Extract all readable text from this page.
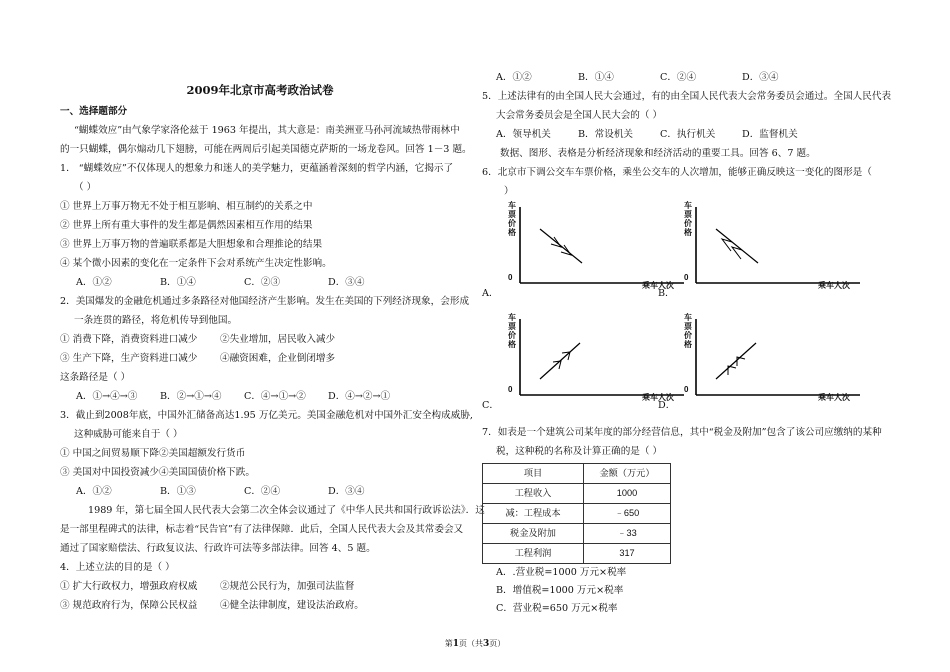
2009年北京市高考政治试卷

一、选择题部分

“蝴蝶效应”由气象学家洛伦兹于 1963 年提出，其大意是：南美洲亚马孙河流域热带雨林中

的一只蝴蝶，偶尔煽动几下翅膀，可能在两周后引起美国德克萨斯的一场龙卷风。回答 1－3 题。

1． “蝴蝶效应”不仅体现人的想象力和迷人的美学魅力，更蕴涵着深刻的哲学内涵，它揭示了

（ ）

① 世界上万事万物无不处于相互影响、相互制约的关系之中

② 世界上所有重大事件的发生都是偶然因素相互作用的结果

③ 世界上万事万物的普遍联系都是大胆想象和合理推论的结果

④ 某个微小因素的变化在一定条件下会对系统产生决定性影响。

A．①②	B．①④	C．②③	D．③④

2．美国爆发的金融危机通过多条路径对他国经济产生影响。发生在美国的下列经济现象，会形成

一条连贯的路径，将危机传导到他国。

① 消费下降，消费资料进口减少	②失业增加，居民收入减少

③ 生产下降，生产资料进口减少	④融资困难，企业倒闭增多

这条路径是（ ）

A．①→④→③	B．②→①→④	C．④→①→②	D．④→②→①

3．截止到2008年底，中国外汇储备高达1.95 万亿美元。美国金融危机对中国外汇安全构成威胁,

这种威胁可能来自于（ ）

① 中国之间贸易顺下降②美国超额发行货币

③ 美国对中国投资减少④美国国债价格下跌。

A．①②	B．①③	C．②④	D．③④

1989 年，第七届全国人民代表大会第二次全体会议通过了《中华人民共和国行政诉讼法》．这

是一部里程碑式的法律，标志着“民告官”有了法律保障．此后，全国人民代表大会及其常委会又

通过了国家赔偿法、行政复议法、行政许可法等多部法律。回答 4、5 题。

4．上述立法的目的是（ ）

① 扩大行政权力，增强政府权威	②规范公民行为，加强司法监督

③ 规范政府行为，保障公民权益	④健全法律制度，建设法治政府。

A．①②	B．①④	C．②④	D．③④

5．上述法律有的由全国人民大会通过，有的由全国人民代表大会常务委员会通过。全国人民代表

大会常务委员会是全国人民大会的（ ）

A．领导机关	B．常设机关	C．执行机关	D．监督机关

数据、图形、表格是分析经济现象和经济活动的重要工具。回答 6、7 题。

6．北京市下调公交车车票价格，乘坐公交车的人次增加，能够正确反映这一变化的图形是（

）

车票价格
0
乘车人次
A．
车票价格
0
乘车人次
B．
车票价格
0
乘车人次
C．
车票价格
0
乘车人次
D．

7．如表是一个建筑公司某年度的部分经营信息，其中“税金及附加”包含了该公司应缴纳的某种

税，这种税的名称及计算正确的是（ ）

项目	金额（万元）
工程收入	1000
减：工程成本	﹣650
税金及附加	﹣33
工程利润	317

A．.营业税=1000 万元×税率

B．增值税=1000 万元×税率

C．营业税=650 万元×税率

第1页（共3页）
